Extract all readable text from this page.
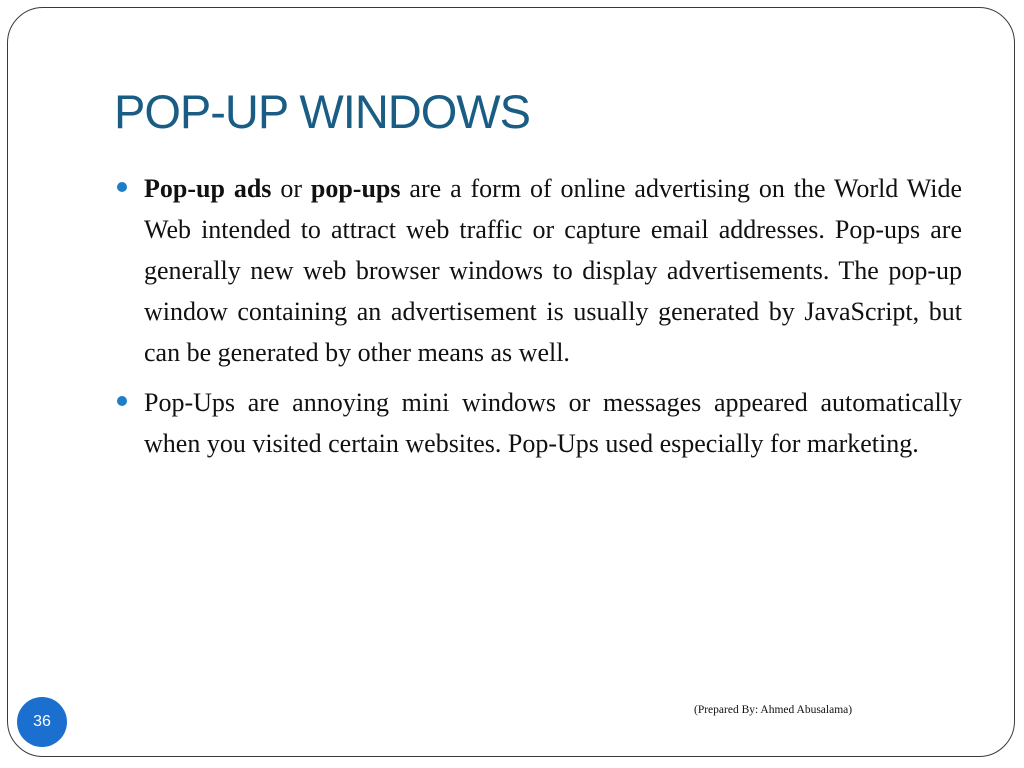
POP-UP WINDOWS
Pop-up ads or pop-ups are a form of online advertising on the World Wide Web intended to attract web traffic or capture email addresses. Pop-ups are generally new web browser windows to display advertisements. The pop-up window containing an advertisement is usually generated by JavaScript, but can be generated by other means as well.
Pop-Ups are annoying mini windows or messages appeared automatically when you visited certain websites. Pop-Ups used especially for marketing.
36
(Prepared By: Ahmed Abusalama)
